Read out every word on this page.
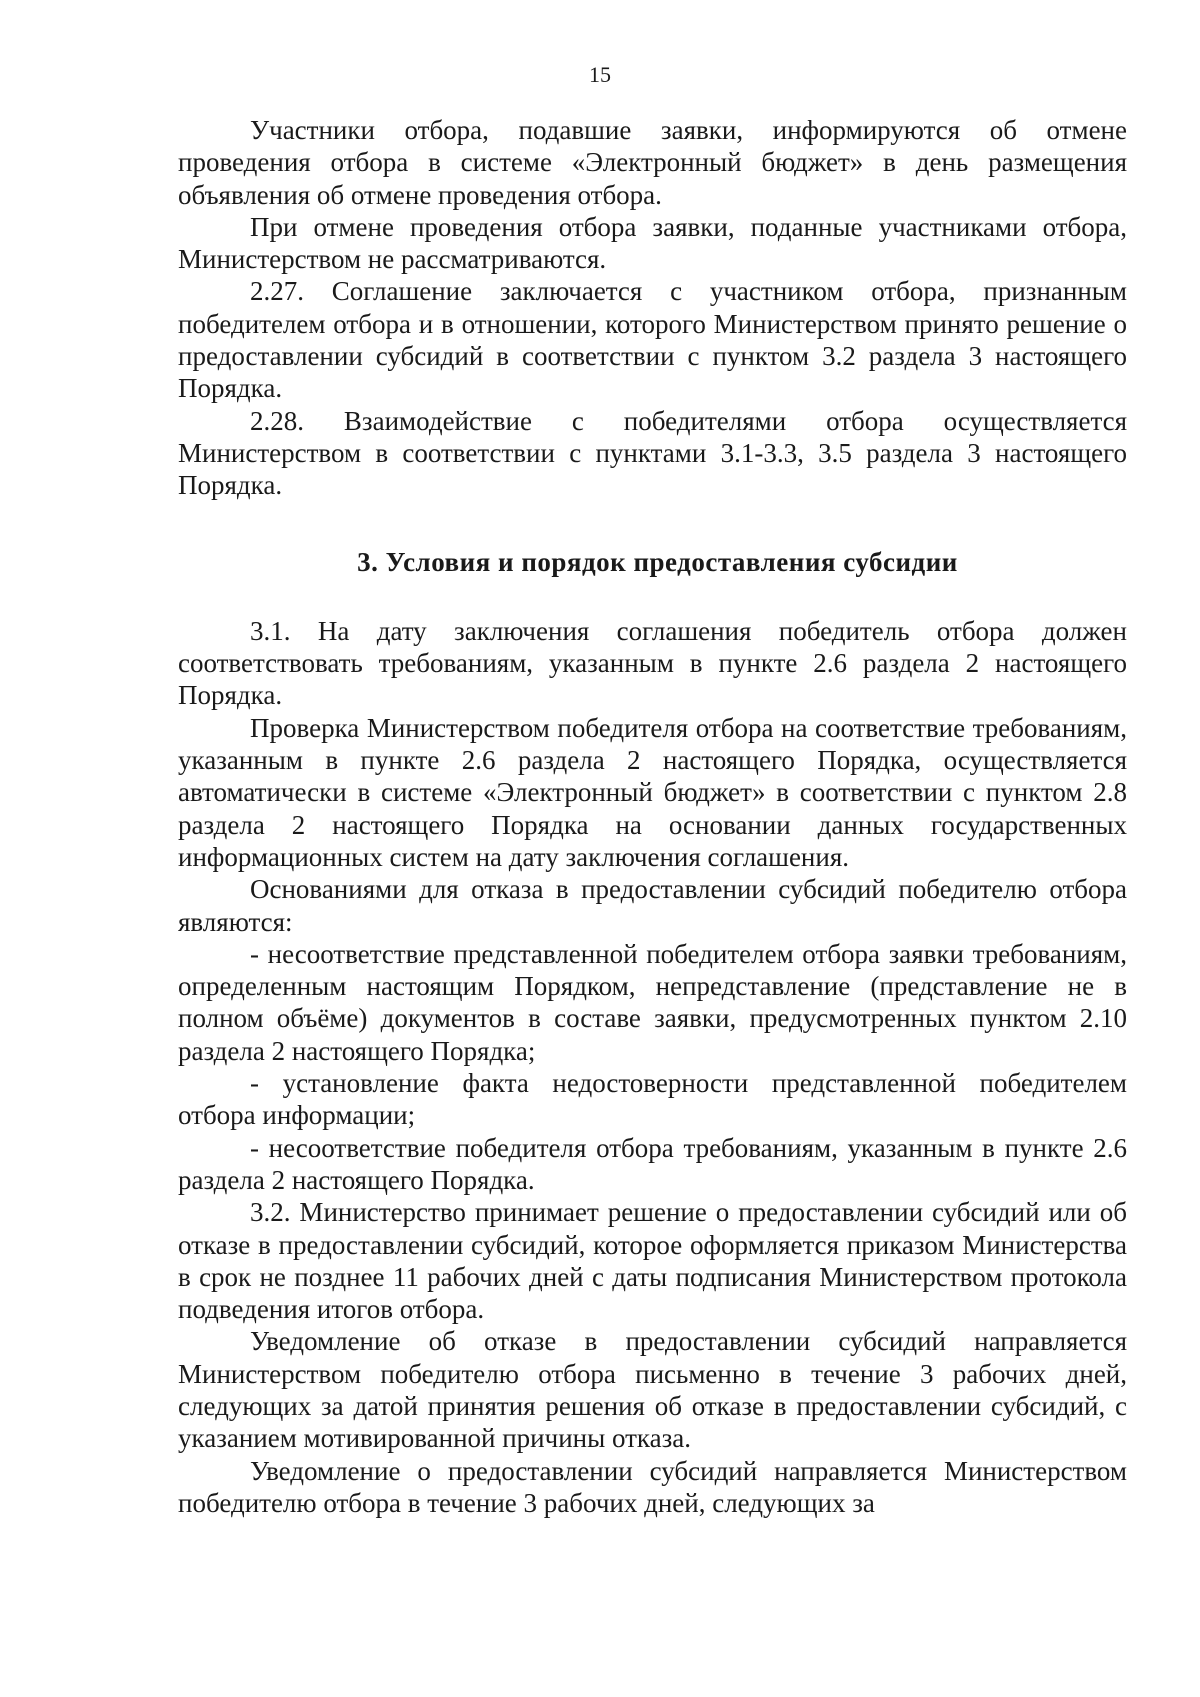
15

Участники отбора, подавшие заявки, информируются об отмене проведения отбора в системе «Электронный бюджет» в день размещения объявления об отмене проведения отбора.

При отмене проведения отбора заявки, поданные участниками отбора, Министерством не рассматриваются.

2.27. Соглашение заключается с участником отбора, признанным победителем отбора и в отношении, которого Министерством принято решение о предоставлении субсидий в соответствии с пунктом 3.2 раздела 3 настоящего Порядка.

2.28. Взаимодействие с победителями отбора осуществляется Министерством в соответствии с пунктами 3.1-3.3, 3.5 раздела 3 настоящего Порядка.

3. Условия и порядок предоставления субсидии

3.1. На дату заключения соглашения победитель отбора должен соответствовать требованиям, указанным в пункте 2.6 раздела 2 настоящего Порядка.

Проверка Министерством победителя отбора на соответствие требованиям, указанным в пункте 2.6 раздела 2 настоящего Порядка, осуществляется автоматически в системе «Электронный бюджет» в соответствии с пунктом 2.8 раздела 2 настоящего Порядка на основании данных государственных информационных систем на дату заключения соглашения.

Основаниями для отказа в предоставлении субсидий победителю отбора являются:

- несоответствие представленной победителем отбора заявки требованиям, определенным настоящим Порядком, непредставление (представление не в полном объёме) документов в составе заявки, предусмотренных пунктом 2.10 раздела 2 настоящего Порядка;

- установление факта недостоверности представленной победителем отбора информации;

- несоответствие победителя отбора требованиям, указанным в пункте 2.6 раздела 2 настоящего Порядка.

3.2. Министерство принимает решение о предоставлении субсидий или об отказе в предоставлении субсидий, которое оформляется приказом Министерства в срок не позднее 11 рабочих дней с даты подписания Министерством протокола подведения итогов отбора.

Уведомление об отказе в предоставлении субсидий направляется Министерством победителю отбора письменно в течение 3 рабочих дней, следующих за датой принятия решения об отказе в предоставлении субсидий, с указанием мотивированной причины отказа.

Уведомление о предоставлении субсидий направляется Министерством победителю отбора в течение 3 рабочих дней, следующих за
